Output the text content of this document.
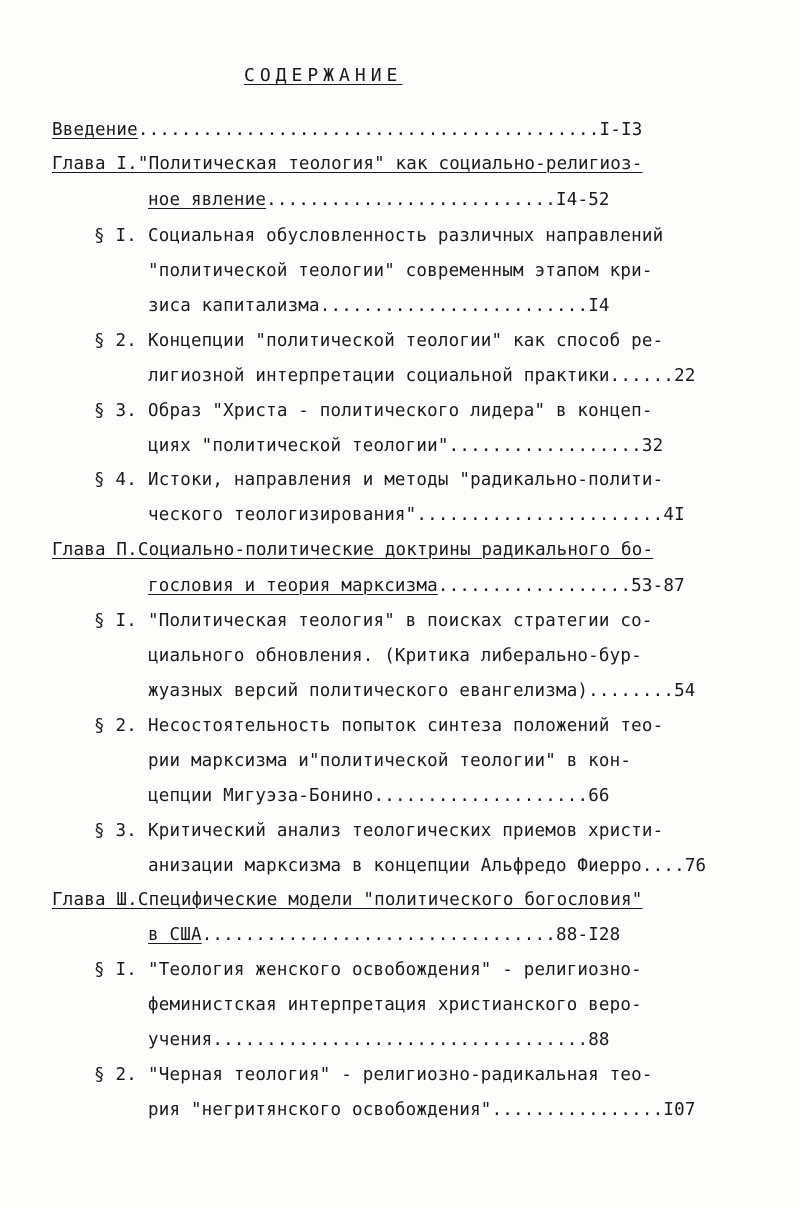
СОДЕРЖАНИЕ
Введение...........................................I-I3
Глава I."Политическая теология" как социально-религиоз-
ное явление...........................I4-52
§ I. Социальная обусловленность различных направлений
"политической теологии" современным этапом кри-
зиса капитализма.........................I4
§ 2. Концепции "политической теологии" как способ ре-
лигиозной интерпретации социальной практики......22
§ 3. Образ "Христа - политического лидера" в концеп-
циях "политической теологии"..................32
§ 4. Истоки, направления и методы "радикально-полити-
ческого теологизирования".......................4I
Глава П.Социально-политические доктрины радикального бо-
гословия и теория марксизма..................53-87
§ I. "Политическая теология" в поисках стратегии со-
циального обновления. (Критика либерально-бур-
жуазных версий политического евангелизма)........54
§ 2. Несостоятельность попыток синтеза положений тео-
рии марксизма и"политической теологии" в кон-
цепции Мигуэза-Бонино....................66
§ 3. Критический анализ теологических приемов христи-
анизации марксизма в концепции Альфредо Фиерро....76
Глава Ш.Специфические модели "политического богословия"
в США.................................88-I28
§ I. "Теология женского освобождения" - религиозно-
феминистская интерпретация христианского веро-
учения...................................88
§ 2. "Черная теология" - религиозно-радикальная тео-
рия "негритянского освобождения"................I07
